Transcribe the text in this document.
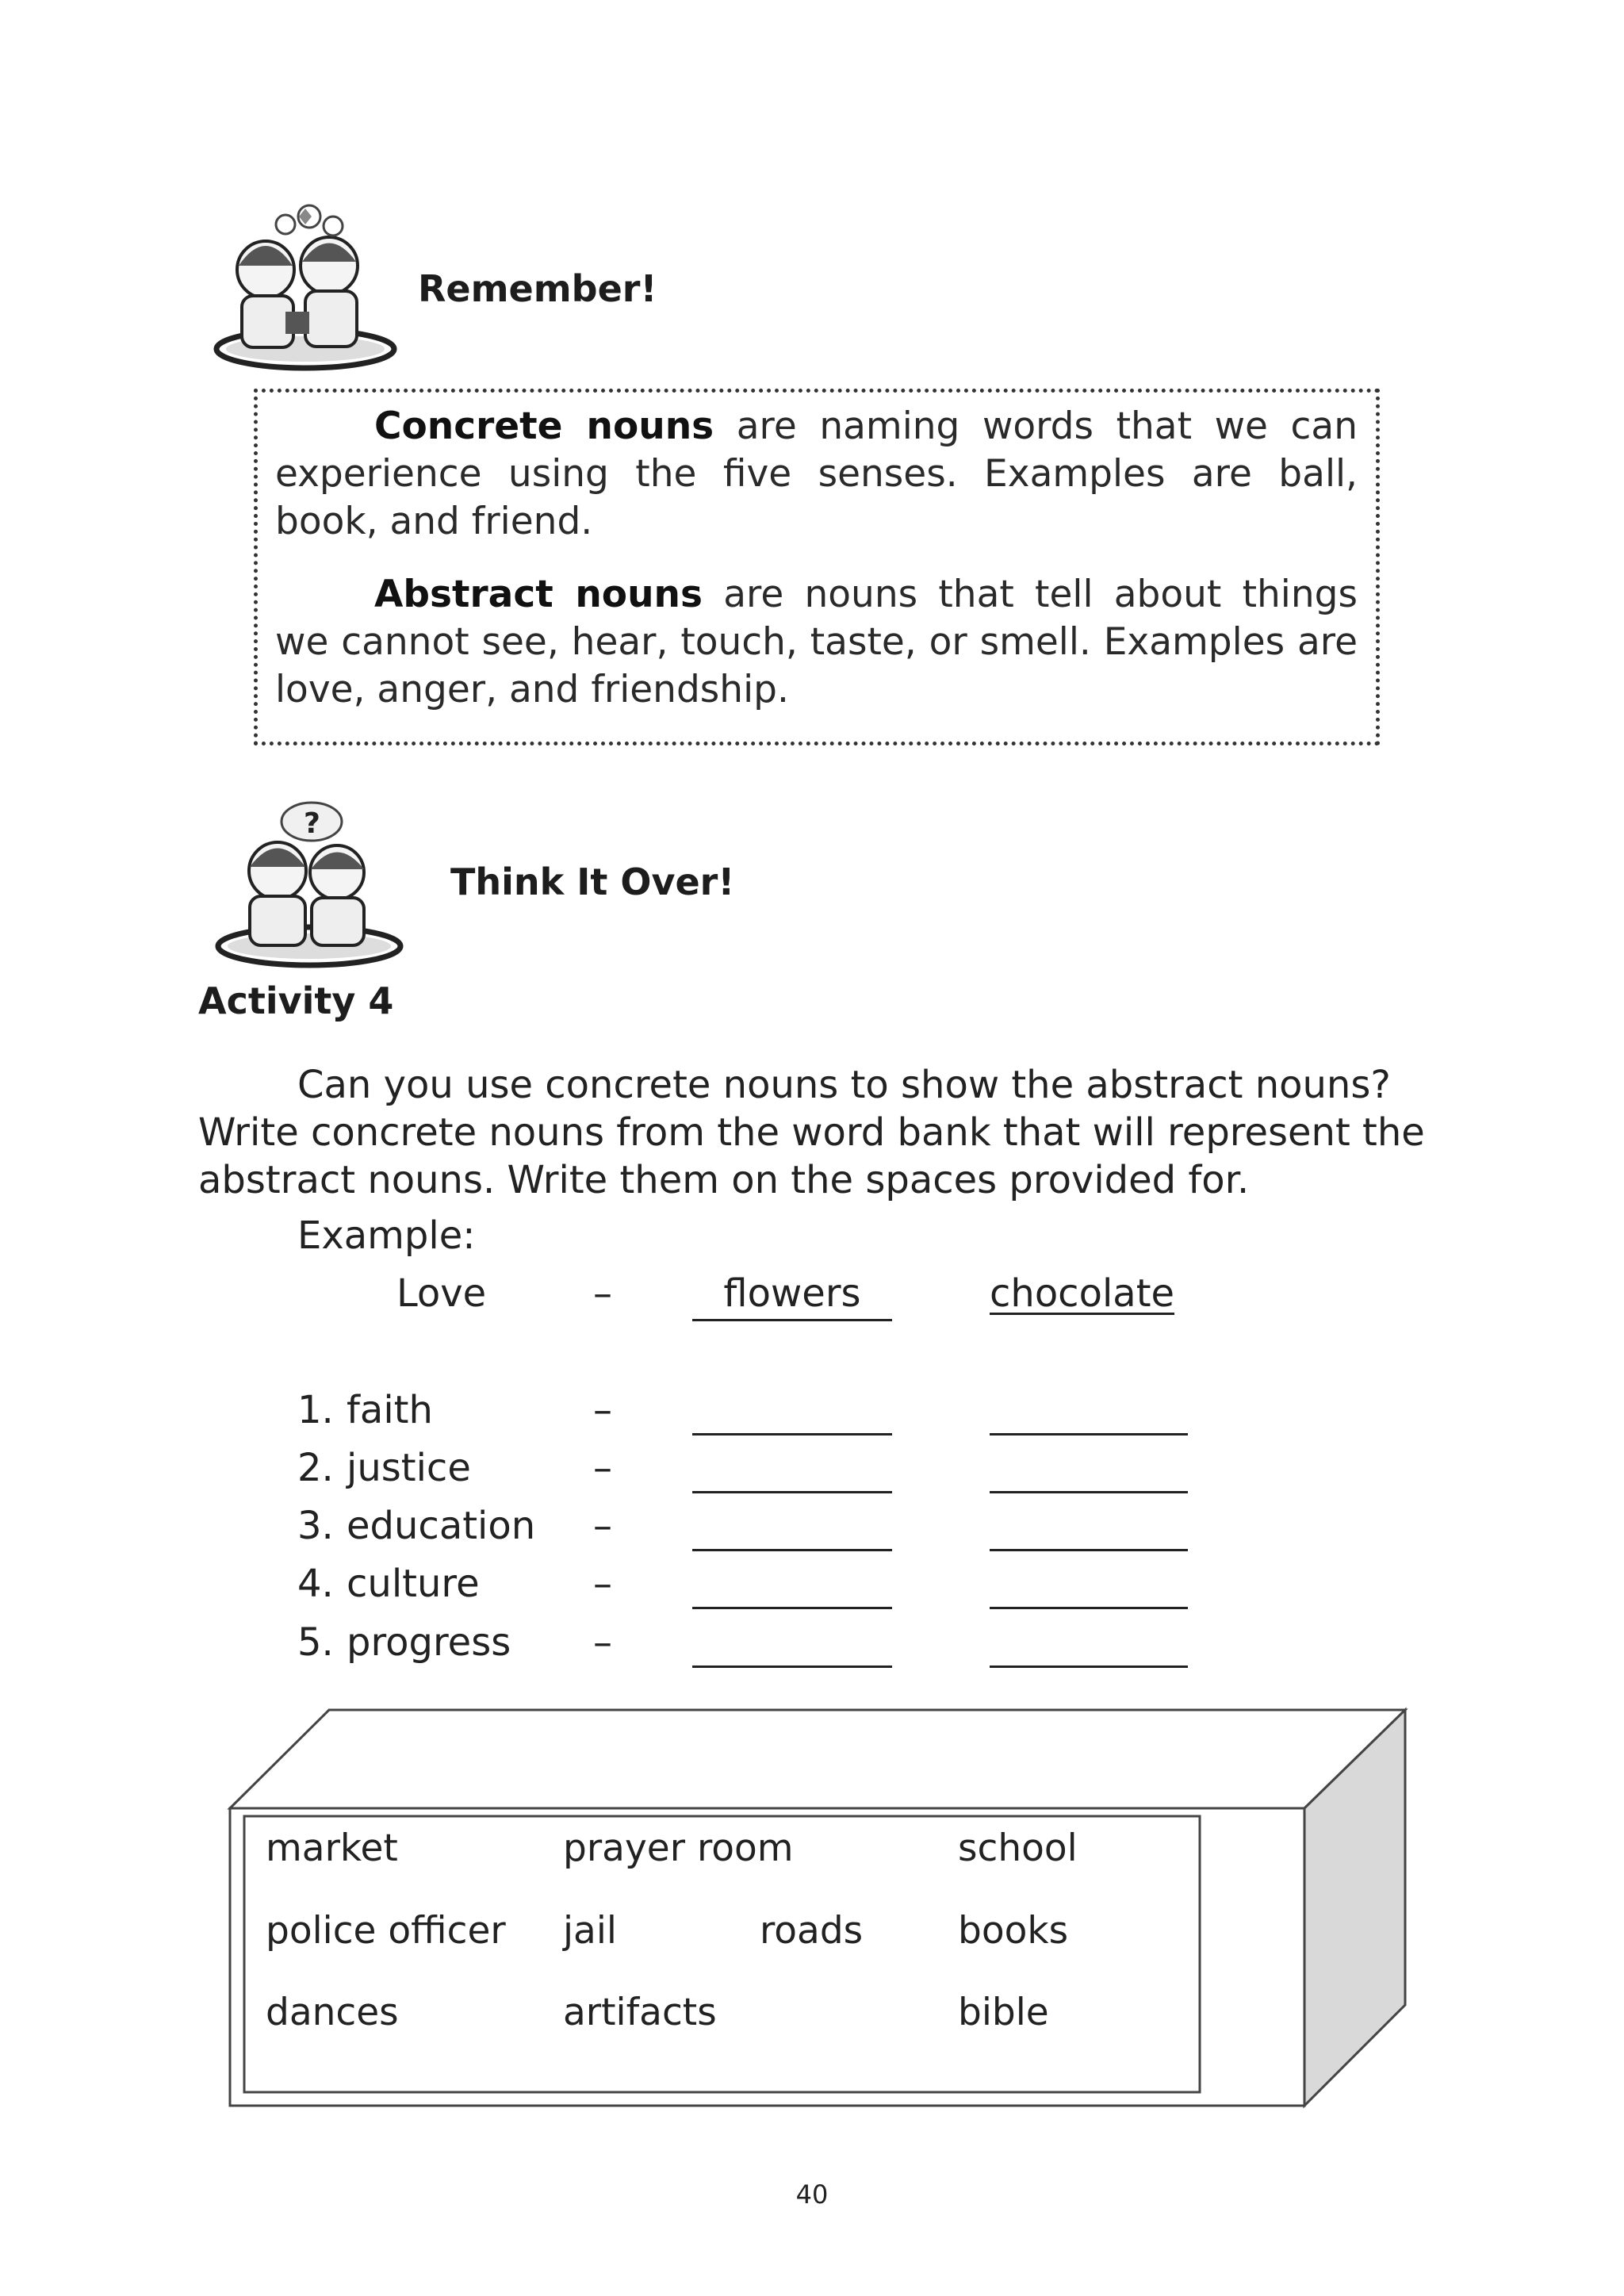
Remember!
Concrete nouns are naming words that we can experience using the five senses. Examples are ball, book, and friend.
Abstract nouns are nouns that tell about things we cannot see, hear, touch, taste, or smell. Examples are love, anger, and friendship.
?
Think It Over!
Activity 4
Can you use concrete nouns to show the abstract nouns?
Write concrete nouns from the word bank that will represent the
abstract nouns. Write them on the spaces provided for.
Example:
Love	–	flowers	chocolate
1. faith	–
2. justice	–
3. education –
4. culture	–
5. progress –
market	prayer room	school
police officer jail	roads	books
dances	artifacts	bible
40
